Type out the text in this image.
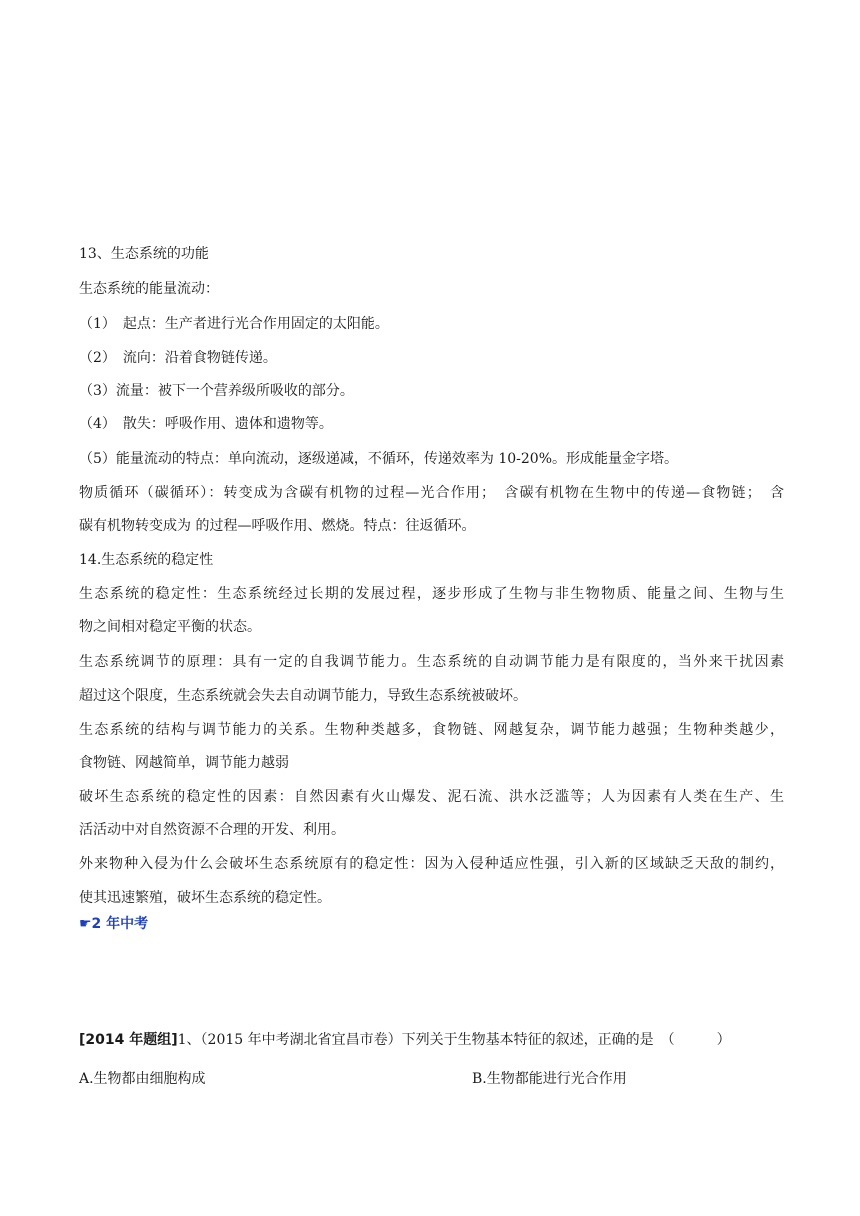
13、生态系统的功能
生态系统的能量流动：
（1）　起点：生产者进行光合作用固定的太阳能。
（2）　流向：沿着食物链传递。
（3）流量：被下一个营养级所吸收的部分。
（4）　散失：呼吸作用、遗体和遗物等。
（5）能量流动的特点：单向流动，逐级递减，不循环，传递效率为 10-20%。形成能量金字塔。
物质循环（碳循环）：转变成为含碳有机物的过程—光合作用；　含碳有机物在生物中的传递—食物链；　含
碳有机物转变成为 的过程—呼吸作用、燃烧。特点：往返循环。
14.生态系统的稳定性
生态系统的稳定性：生态系统经过长期的发展过程，逐步形成了生物与非生物物质、能量之间、生物与生
物之间相对稳定平衡的状态。
生态系统调节的原理：具有一定的自我调节能力。生态系统的自动调节能力是有限度的，当外来干扰因素
超过这个限度，生态系统就会失去自动调节能力，导致生态系统被破坏。
生态系统的结构与调节能力的关系。生物种类越多，食物链、网越复杂，调节能力越强；生物种类越少，
食物链、网越简单，调节能力越弱
破坏生态系统的稳定性的因素：自然因素有火山爆发、泥石流、洪水泛滥等；人为因素有人类在生产、生
活活动中对自然资源不合理的开发、利用。
外来物种入侵为什么会破坏生态系统原有的稳定性：因为入侵种适应性强，引入新的区域缺乏天敌的制约，
使其迅速繁殖，破坏生态系统的稳定性。
☛2 年中考
[2014 年题组]1、（2015 年中考湖北省宜昌市卷）下列关于生物基本特征的叙述，正确的是　（　　　）
A.生物都由细胞构成	B.生物都能进行光合作用
